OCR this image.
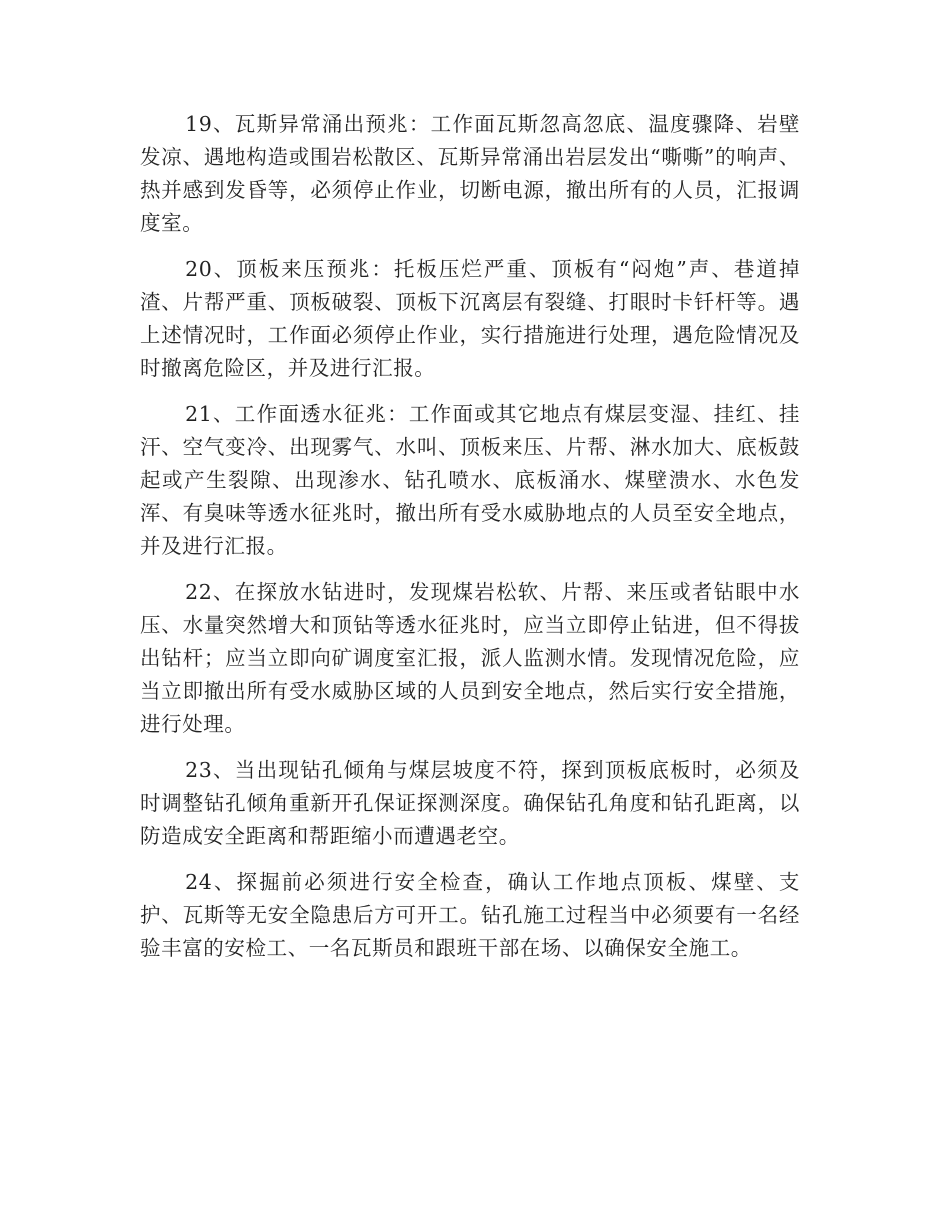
19、瓦斯异常涌出预兆：工作面瓦斯忽高忽底、温度骤降、岩壁发凉、遇地构造或围岩松散区、瓦斯异常涌出岩层发出“嘶嘶”的响声、热并感到发昏等，必须停止作业，切断电源，撤出所有的人员，汇报调度室。

20、顶板来压预兆：托板压烂严重、顶板有“闷炮”声、巷道掉渣、片帮严重、顶板破裂、顶板下沉离层有裂缝、打眼时卡钎杆等。遇上述情况时，工作面必须停止作业，实行措施进行处理，遇危险情况及时撤离危险区，并及进行汇报。

21、工作面透水征兆：工作面或其它地点有煤层变湿、挂红、挂汗、空气变冷、出现雾气、水叫、顶板来压、片帮、淋水加大、底板鼓起或产生裂隙、出现渗水、钻孔喷水、底板涌水、煤壁溃水、水色发浑、有臭味等透水征兆时，撤出所有受水威胁地点的人员至安全地点，并及进行汇报。

22、在探放水钻进时，发现煤岩松软、片帮、来压或者钻眼中水压、水量突然增大和顶钻等透水征兆时，应当立即停止钻进，但不得拔出钻杆；应当立即向矿调度室汇报，派人监测水情。发现情况危险，应当立即撤出所有受水威胁区域的人员到安全地点，然后实行安全措施，进行处理。

23、当出现钻孔倾角与煤层坡度不符，探到顶板底板时，必须及时调整钻孔倾角重新开孔保证探测深度。确保钻孔角度和钻孔距离，以防造成安全距离和帮距缩小而遭遇老空。

24、探掘前必须进行安全检查，确认工作地点顶板、煤壁、支护、瓦斯等无安全隐患后方可开工。钻孔施工过程当中必须要有一名经验丰富的安检工、一名瓦斯员和跟班干部在场、以确保安全施工。
